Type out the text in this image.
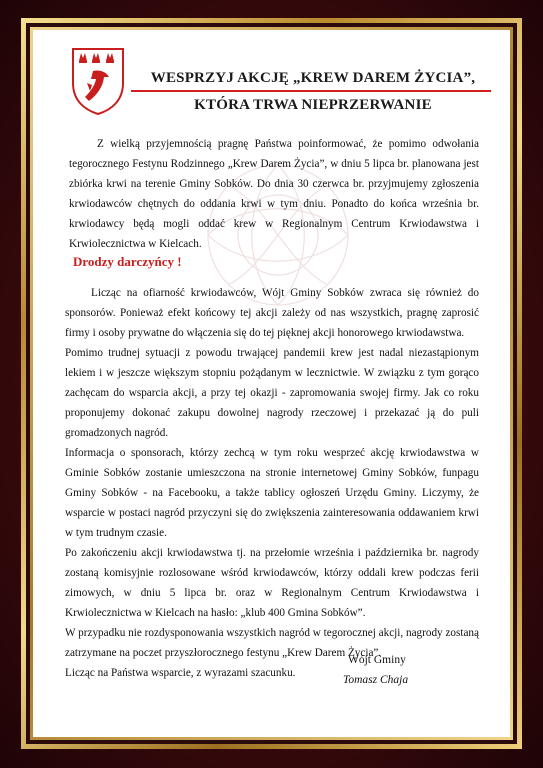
WESPRZYJ AKCJĘ „KREW DAREM ŻYCIA”,
KTÓRA TRWA NIEPRZERWANIE
Z wielką przyjemnością pragnę Państwa poinformować, że pomimo odwołania tegorocznego Festynu Rodzinnego „Krew Darem Życia”, w dniu 5 lipca br. planowana jest zbiórka krwi na terenie Gminy Sobków. Do dnia 30 czerwca br. przyjmujemy zgłoszenia krwiodawców chętnych do oddania krwi w tym dniu. Ponadto do końca września br. krwiodawcy będą mogli oddać krew w Regionalnym Centrum Krwiodawstwa i Krwiolecznictwa w Kielcach.
Drodzy darczyńcy !
Licząc na ofiarność krwiodawców, Wójt Gminy Sobków zwraca się również do sponsorów. Ponieważ efekt końcowy tej akcji zależy od nas wszystkich, pragnę zaprosić firmy i osoby prywatne do włączenia się do tej pięknej akcji honorowego krwiodawstwa.
Pomimo trudnej sytuacji z powodu trwającej pandemii krew jest nadal niezastąpionym lekiem i w jeszcze większym stopniu pożądanym w lecznictwie. W związku z tym gorąco zachęcam do wsparcia akcji, a przy tej okazji - zapromowania swojej firmy. Jak co roku proponujemy dokonać zakupu dowolnej nagrody rzeczowej i przekazać ją do puli gromadzonych nagród.
Informacja o sponsorach, którzy zechcą w tym roku wesprzeć akcję krwiodawstwa w Gminie Sobków zostanie umieszczona na stronie internetowej Gminy Sobków, funpagu Gminy Sobków - na Facebooku, a także tablicy ogłoszeń Urzędu Gminy. Liczymy, że wsparcie w postaci nagród przyczyni się do zwiększenia zainteresowania oddawaniem krwi w tym trudnym czasie.
Po zakończeniu akcji krwiodawstwa tj. na przełomie września i października br. nagrody zostaną komisyjnie rozlosowane wśród krwiodawców, którzy oddali krew podczas ferii zimowych, w dniu 5 lipca br. oraz w Regionalnym Centrum Krwiodawstwa i Krwiolecznictwa w Kielcach na hasło: „klub 400 Gmina Sobków”.
W przypadku nie rozdysponowania wszystkich nagród w tegorocznej akcji, nagrody zostaną zatrzymane na poczet przyszłorocznego festynu „Krew Darem Życia”.
Licząc na Państwa wsparcie, z wyrazami szacunku.
Wójt Gminy
Tomasz Chaja
